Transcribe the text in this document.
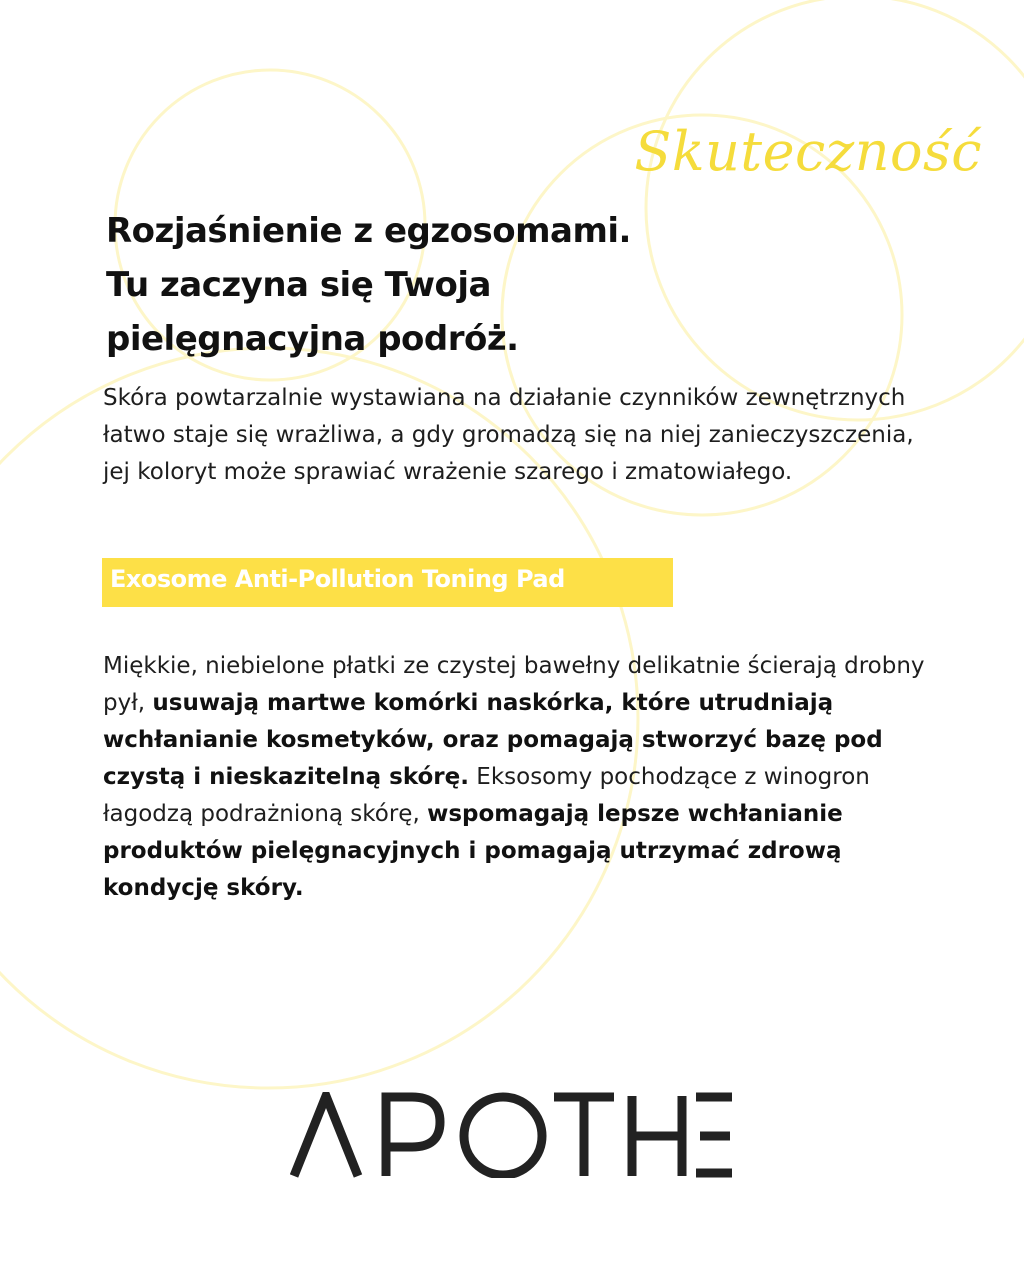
Skuteczność
Rozjaśnienie z egzosomami.
Tu zaczyna się Twoja
pielęgnacyjna podróż.

Skóra powtarzalnie wystawiana na działanie czynników zewnętrznych łatwo staje się wrażliwa, a gdy gromadzą się na niej zanieczyszczenia, jej koloryt może sprawiać wrażenie szarego i zmatowiałego.

Exosome Anti-Pollution Toning Pad

Miękkie, niebielone płatki ze czystej bawełny delikatnie ścierają drobny pył, usuwają martwe komórki naskórka, które utrudniają wchłanianie kosmetyków, oraz pomagają stworzyć bazę pod czystą i nieskazitelną skórę. Eksosomy pochodzące z winogron łagodzą podrażnioną skórę, wspomagają lepsze wchłanianie produktów pielęgnacyjnych i pomagają utrzymać zdrową kondycję skóry.
